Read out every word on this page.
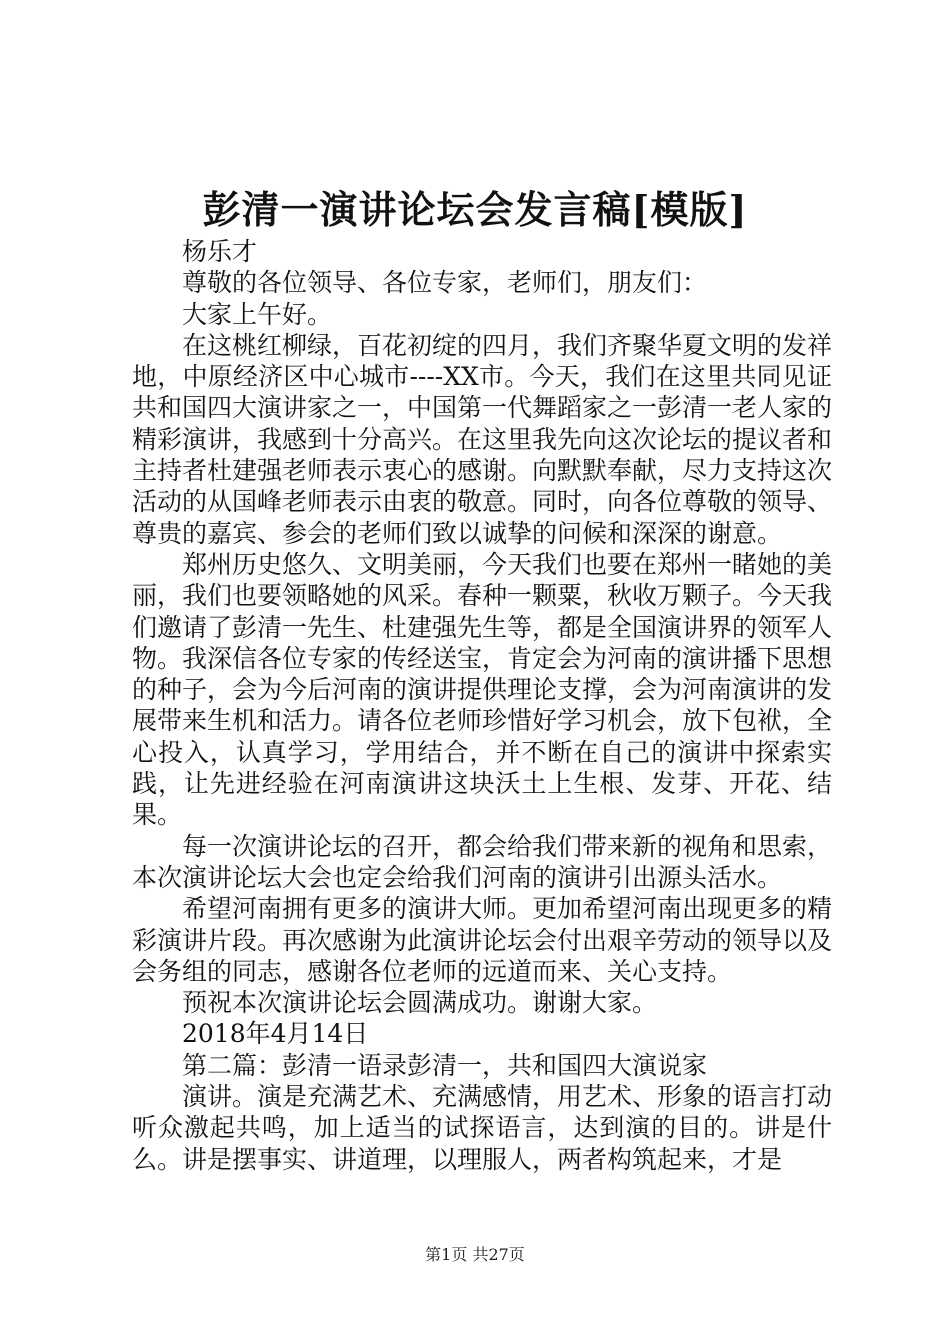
彭清一演讲论坛会发言稿[模版]

杨乐才

尊敬的各位领导、各位专家，老师们，朋友们：

大家上午好。

在这桃红柳绿，百花初绽的四月，我们齐聚华夏文明的发祥地，中原经济区中心城市----XX市。今天，我们在这里共同见证共和国四大演讲家之一，中国第一代舞蹈家之一彭清一老人家的精彩演讲，我感到十分高兴。在这里我先向这次论坛的提议者和主持者杜建强老师表示衷心的感谢。向默默奉献，尽力支持这次活动的从国峰老师表示由衷的敬意。同时，向各位尊敬的领导、尊贵的嘉宾、参会的老师们致以诚挚的问候和深深的谢意。

郑州历史悠久、文明美丽，今天我们也要在郑州一睹她的美丽，我们也要领略她的风采。春种一颗粟，秋收万颗子。今天我们邀请了彭清一先生、杜建强先生等，都是全国演讲界的领军人物。我深信各位专家的传经送宝，肯定会为河南的演讲播下思想的种子，会为今后河南的演讲提供理论支撑，会为河南演讲的发展带来生机和活力。请各位老师珍惜好学习机会，放下包袱，全心投入，认真学习，学用结合，并不断在自己的演讲中探索实践，让先进经验在河南演讲这块沃土上生根、发芽、开花、结果。

每一次演讲论坛的召开，都会给我们带来新的视角和思索，本次演讲论坛大会也定会给我们河南的演讲引出源头活水。

希望河南拥有更多的演讲大师。更加希望河南出现更多的精彩演讲片段。再次感谢为此演讲论坛会付出艰辛劳动的领导以及会务组的同志，感谢各位老师的远道而来、关心支持。

预祝本次演讲论坛会圆满成功。谢谢大家。

2018年4月14日

第二篇：彭清一语录彭清一，共和国四大演说家

演讲。演是充满艺术、充满感情，用艺术、形象的语言打动听众激起共鸣，加上适当的试探语言，达到演的目的。讲是什么。讲是摆事实、讲道理，以理服人，两者构筑起来，才是

第1页 共27页
